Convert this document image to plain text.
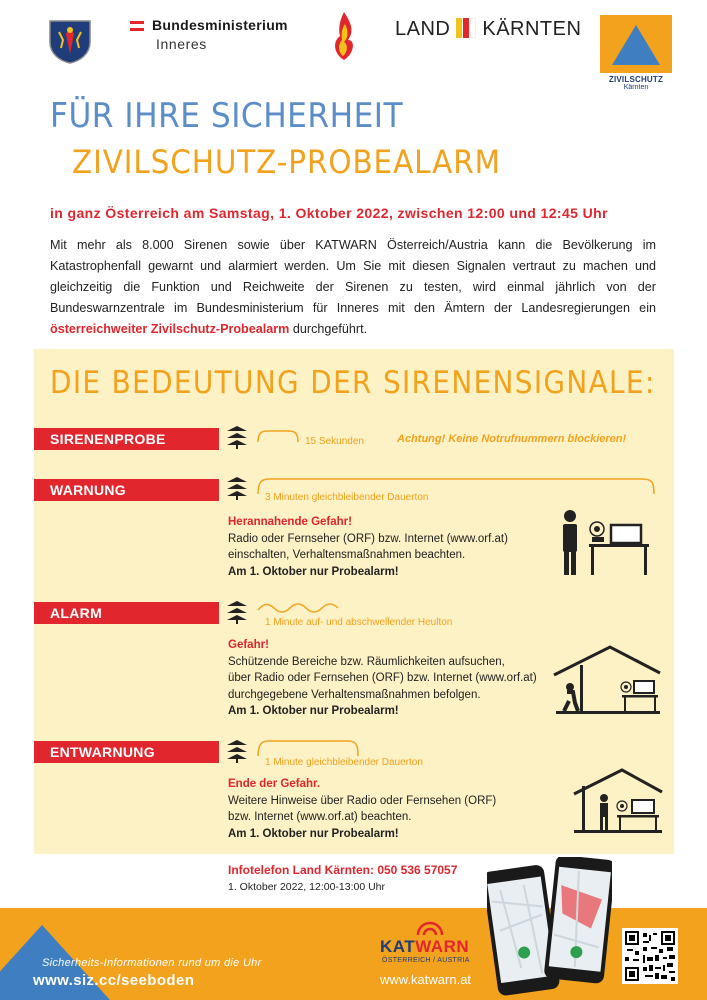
Bundesministerium
Inneres
LAND KÄRNTEN
ZIVILSCHUTZ
Kärnten
FÜR IHRE SICHERHEIT
ZIVILSCHUTZ-PROBEALARM
in ganz Österreich am Samstag, 1. Oktober 2022, zwischen 12:00 und 12:45 Uhr
Mit mehr als 8.000 Sirenen sowie über KATWARN Österreich/Austria kann die Bevölkerung im Katastrophenfall gewarnt und alarmiert werden. Um Sie mit diesen Signalen vertraut zu machen und gleichzeitig die Funktion und Reichweite der Sirenen zu testen, wird einmal jährlich von der Bundeswarnzentrale im Bundesministerium für Inneres mit den Ämtern der Landesregierungen ein österreichweiter Zivilschutz-Probealarm durchgeführt.
DIE BEDEUTUNG DER SIRENENSIGNALE:
SIRENENPROBE	15 Sekunden	Achtung! Keine Notrufnummern blockieren!
WARNUNG	3 Minuten gleichbleibender Dauerton
Herannahende Gefahr!
Radio oder Fernseher (ORF) bzw. Internet (www.orf.at)
einschalten, Verhaltensmaßnahmen beachten.
Am 1. Oktober nur Probealarm!
ALARM
1 Minute auf- und abschwellender Heulton
Gefahr!
Schützende Bereiche bzw. Räumlichkeiten aufsuchen,
über Radio oder Fernsehen (ORF) bzw. Internet (www.orf.at)
durchgegebene Verhaltensmaßnahmen befolgen.
Am 1. Oktober nur Probealarm!
ENTWARNUNG
1 Minute gleichbleibender Dauerton
Ende der Gefahr.
Weitere Hinweise über Radio oder Fernsehen (ORF)
bzw. Internet (www.orf.at) beachten.
Am 1. Oktober nur Probealarm!
Infotelefon Land Kärnten: 050 536 57057
1. Oktober 2022, 12:00-13:00 Uhr
Sicherheits-Informationen rund um die Uhr
www.siz.cc/seeboden
KATWARN
ÖSTERREICH / AUSTRIA
www.katwarn.at
